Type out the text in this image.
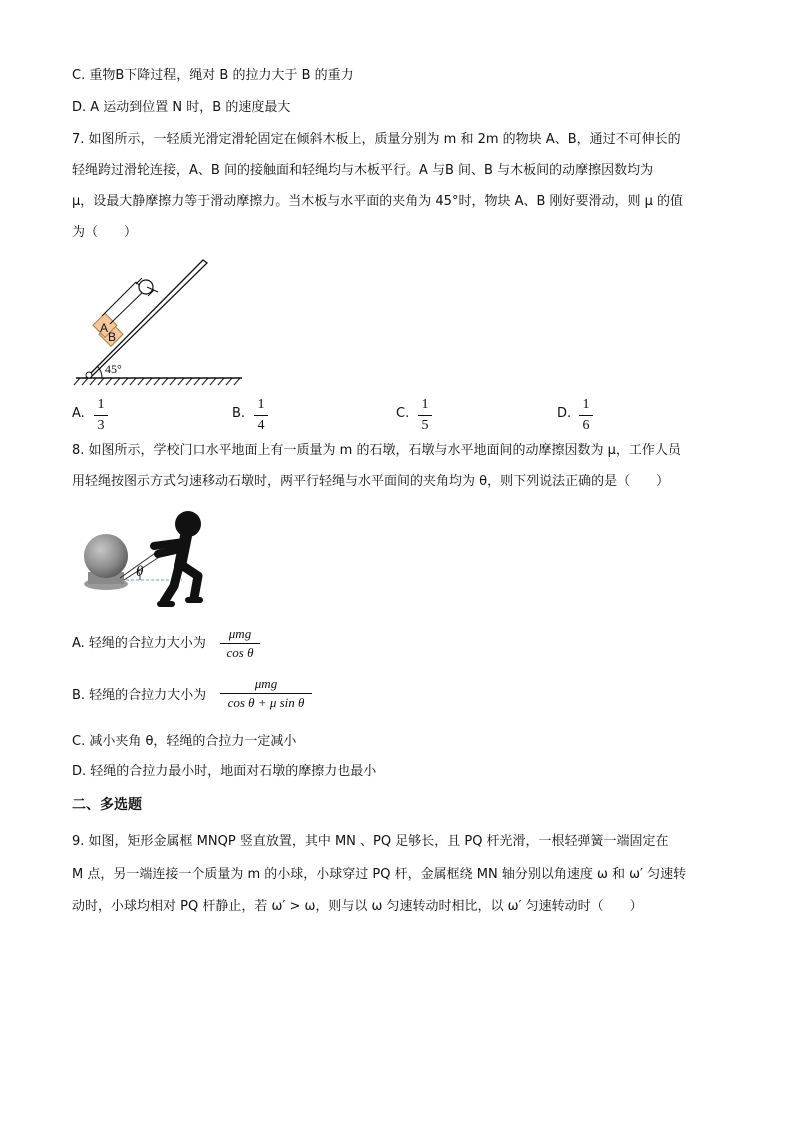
C. 重物B下降过程，绳对 B 的拉力大于 B 的重力
D. A 运动到位置 N 时，B 的速度最大
7. 如图所示，一轻质光滑定滑轮固定在倾斜木板上，质量分别为 m 和 2m 的物块 A、B，通过不可伸长的
轻绳跨过滑轮连接，A、B 间的接触面和轻绳均与木板平行。A 与B 间、B 与木板间的动摩擦因数均为
μ，设最大静摩擦力等于滑动摩擦力。当木板与水平面的夹角为 45°时，物块 A、B 刚好要滑动，则 μ 的值
为（　　）
45°
A
B
A.
1
3
B.
1
4
C.
1
5
D.
1
6
8. 如图所示，学校门口水平地面上有一质量为 m 的石墩，石墩与水平地面间的动摩擦因数为 μ，工作人员
用轻绳按图示方式匀速移动石墩时，两平行轻绳与水平面间的夹角均为 θ，则下列说法正确的是（　　）
θ
A. 轻绳的合拉力大小为
μmg
cos θ
B. 轻绳的合拉力大小为
μmg
cos θ + μ sin θ
C. 减小夹角 θ，轻绳的合拉力一定减小
D. 轻绳的合拉力最小时，地面对石墩的摩擦力也最小
二、多选题
9. 如图，矩形金属框 MNQP 竖直放置，其中 MN 、PQ 足够长，且 PQ 杆光滑，一根轻弹簧一端固定在
M 点，另一端连接一个质量为 m 的小球，小球穿过 PQ 杆，金属框绕 MN 轴分别以角速度 ω 和 ω′ 匀速转
动时，小球均相对 PQ 杆静止，若 ω′ > ω，则与以 ω 匀速转动时相比，以 ω′ 匀速转动时（　　）
